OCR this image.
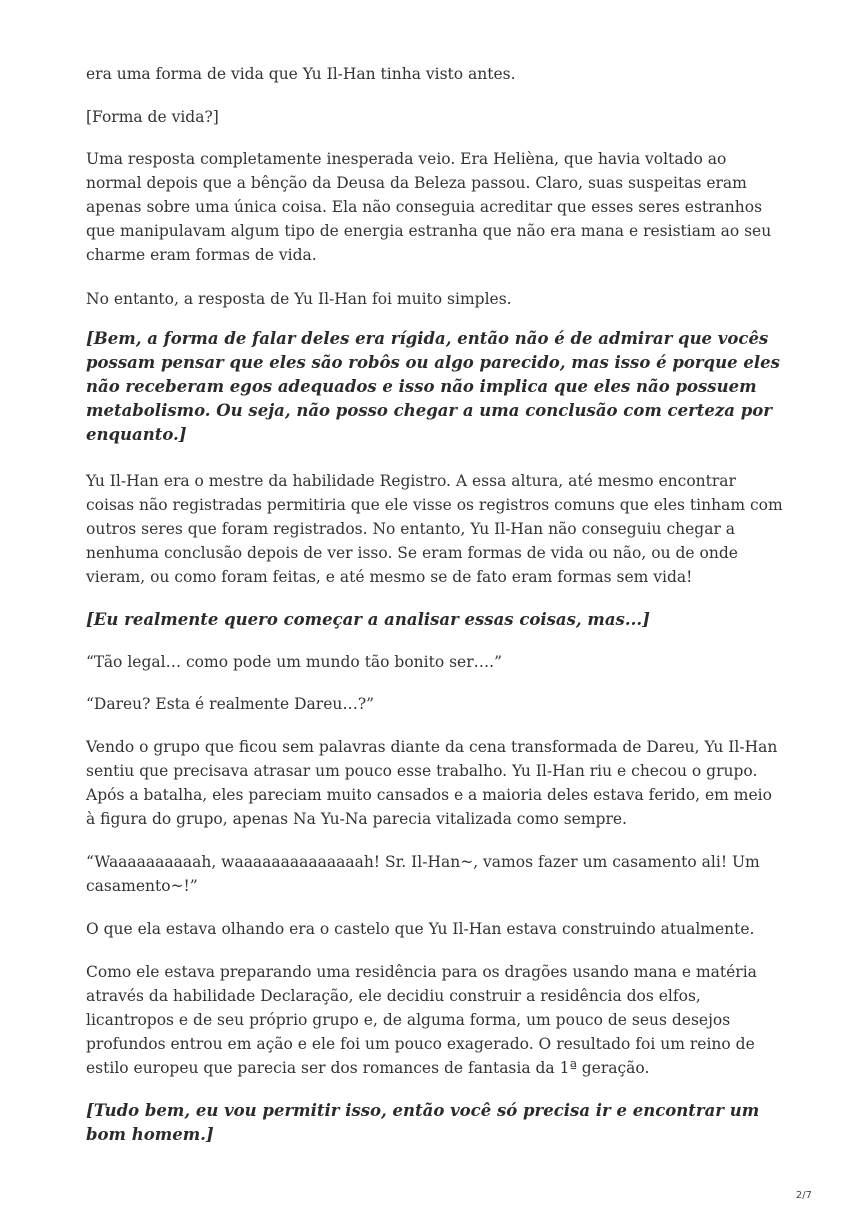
era uma forma de vida que Yu Il-Han tinha visto antes.

[Forma de vida?]

Uma resposta completamente inesperada veio. Era Helièna, que havia voltado ao normal depois que a bênção da Deusa da Beleza passou. Claro, suas suspeitas eram apenas sobre uma única coisa. Ela não conseguia acreditar que esses seres estranhos que manipulavam algum tipo de energia estranha que não era mana e resistiam ao seu charme eram formas de vida.

No entanto, a resposta de Yu Il-Han foi muito simples.

[Bem, a forma de falar deles era rígida, então não é de admirar que vocês possam pensar que eles são robôs ou algo parecido, mas isso é porque eles não receberam egos adequados e isso não implica que eles não possuem metabolismo. Ou seja, não posso chegar a uma conclusão com certeza por enquanto.]

Yu Il-Han era o mestre da habilidade Registro. A essa altura, até mesmo encontrar coisas não registradas permitiria que ele visse os registros comuns que eles tinham com outros seres que foram registrados. No entanto, Yu Il-Han não conseguiu chegar a nenhuma conclusão depois de ver isso. Se eram formas de vida ou não, ou de onde vieram, ou como foram feitas, e até mesmo se de fato eram formas sem vida!

[Eu realmente quero começar a analisar essas coisas, mas...]

“Tão legal… como pode um mundo tão bonito ser….”

“Dareu? Esta é realmente Dareu…?”

Vendo o grupo que ficou sem palavras diante da cena transformada de Dareu, Yu Il-Han sentiu que precisava atrasar um pouco esse trabalho. Yu Il-Han riu e checou o grupo. Após a batalha, eles pareciam muito cansados e a maioria deles estava ferido, em meio à figura do grupo, apenas Na Yu-Na parecia vitalizada como sempre.

“Waaaaaaaaaah, waaaaaaaaaaaaaah! Sr. Il-Han~, vamos fazer um casamento ali! Um casamento~!”

O que ela estava olhando era o castelo que Yu Il-Han estava construindo atualmente.

Como ele estava preparando uma residência para os dragões usando mana e matéria através da habilidade Declaração, ele decidiu construir a residência dos elfos, licantropos e de seu próprio grupo e, de alguma forma, um pouco de seus desejos profundos entrou em ação e ele foi um pouco exagerado. O resultado foi um reino de estilo europeu que parecia ser dos romances de fantasia da 1ª geração.

[Tudo bem, eu vou permitir isso, então você só precisa ir e encontrar um bom homem.]

2/7
